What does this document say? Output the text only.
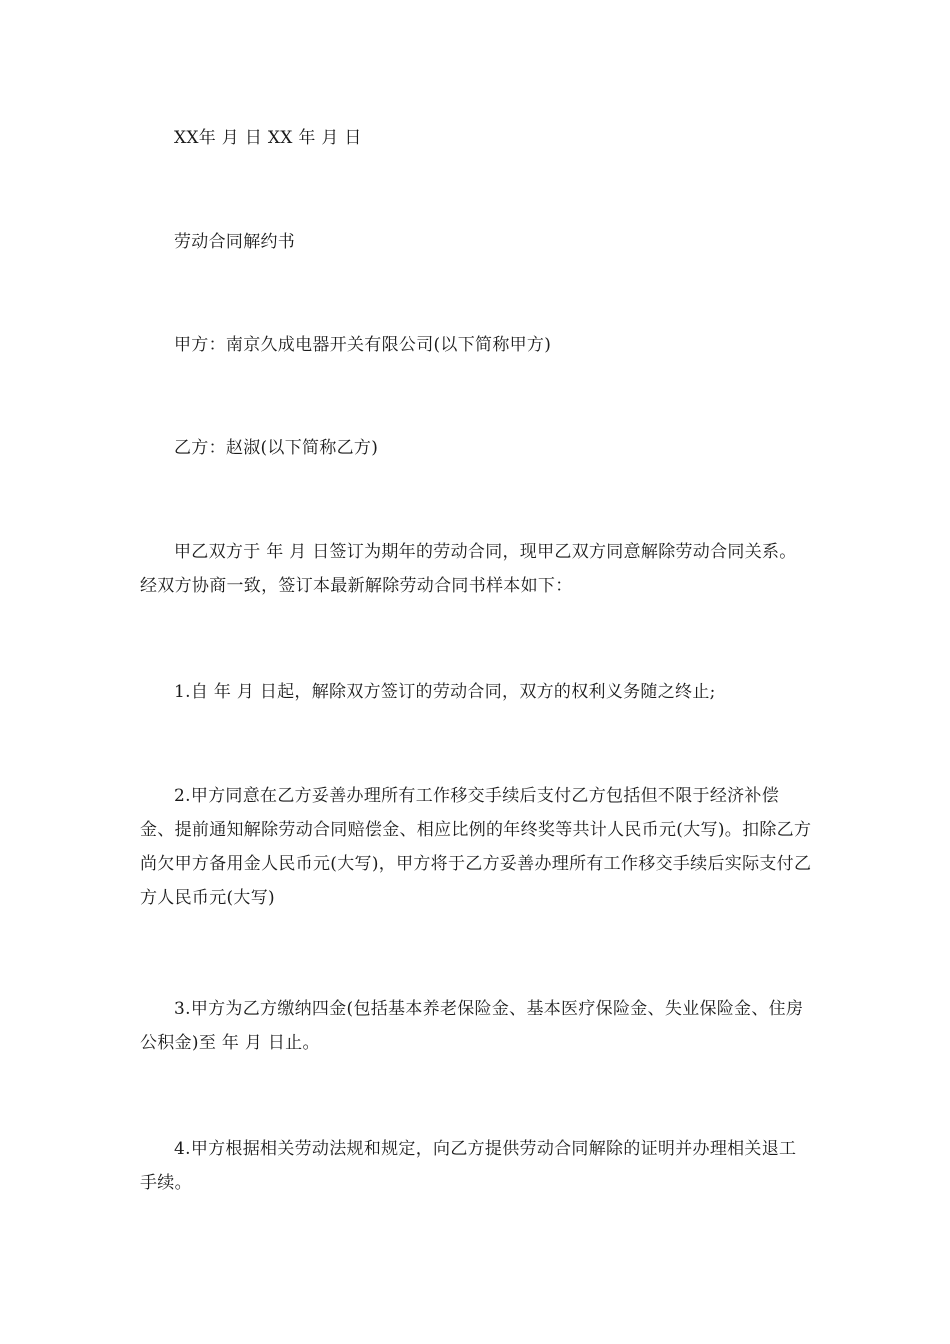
XX年 月 日 XX 年 月 日

劳动合同解约书

甲方：南京久成电器开关有限公司(以下简称甲方)

乙方：赵淑(以下简称乙方)

甲乙双方于 年 月 日签订为期年的劳动合同，现甲乙双方同意解除劳动合同关系。经双方协商一致，签订本最新解除劳动合同书样本如下：

1.自 年 月 日起，解除双方签订的劳动合同，双方的权利义务随之终止;

2.甲方同意在乙方妥善办理所有工作移交手续后支付乙方包括但不限于经济补偿金、提前通知解除劳动合同赔偿金、相应比例的年终奖等共计人民币元(大写)。扣除乙方尚欠甲方备用金人民币元(大写)，甲方将于乙方妥善办理所有工作移交手续后实际支付乙方人民币元(大写)

3.甲方为乙方缴纳四金(包括基本养老保险金、基本医疗保险金、失业保险金、住房公积金)至 年 月 日止。

4.甲方根据相关劳动法规和规定，向乙方提供劳动合同解除的证明并办理相关退工手续。
